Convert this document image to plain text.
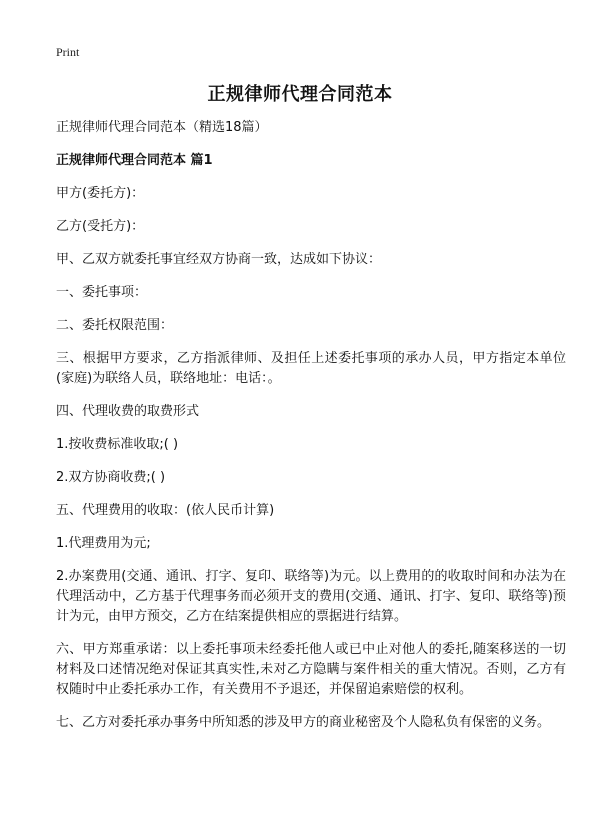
Print
正规律师代理合同范本

正规律师代理合同范本（精选18篇）

正规律师代理合同范本 篇1

甲方(委托方)：

乙方(受托方)：

甲、乙双方就委托事宜经双方协商一致，达成如下协议：

一、委托事项：

二、委托权限范围：

三、根据甲方要求，乙方指派律师、及担任上述委托事项的承办人员，甲方指定本单位(家庭)为联络人员，联络地址：电话：。

四、代理收费的取费形式

1.按收费标准收取;( )

2.双方协商收费;( )

五、代理费用的收取：(依人民币计算)

1.代理费用为元;

2.办案费用(交通、通讯、打字、复印、联络等)为元。以上费用的的收取时间和办法为在代理活动中，乙方基于代理事务而必须开支的费用(交通、通讯、打字、复印、联络等)预计为元，由甲方预交，乙方在结案提供相应的票据进行结算。

六、甲方郑重承诺：以上委托事项未经委托他人或已中止对他人的委托,随案移送的一切材料及口述情况绝对保证其真实性,未对乙方隐瞒与案件相关的重大情况。否则，乙方有权随时中止委托承办工作，有关费用不予退还，并保留追索赔偿的权利。

七、乙方对委托承办事务中所知悉的涉及甲方的商业秘密及个人隐私负有保密的义务。
